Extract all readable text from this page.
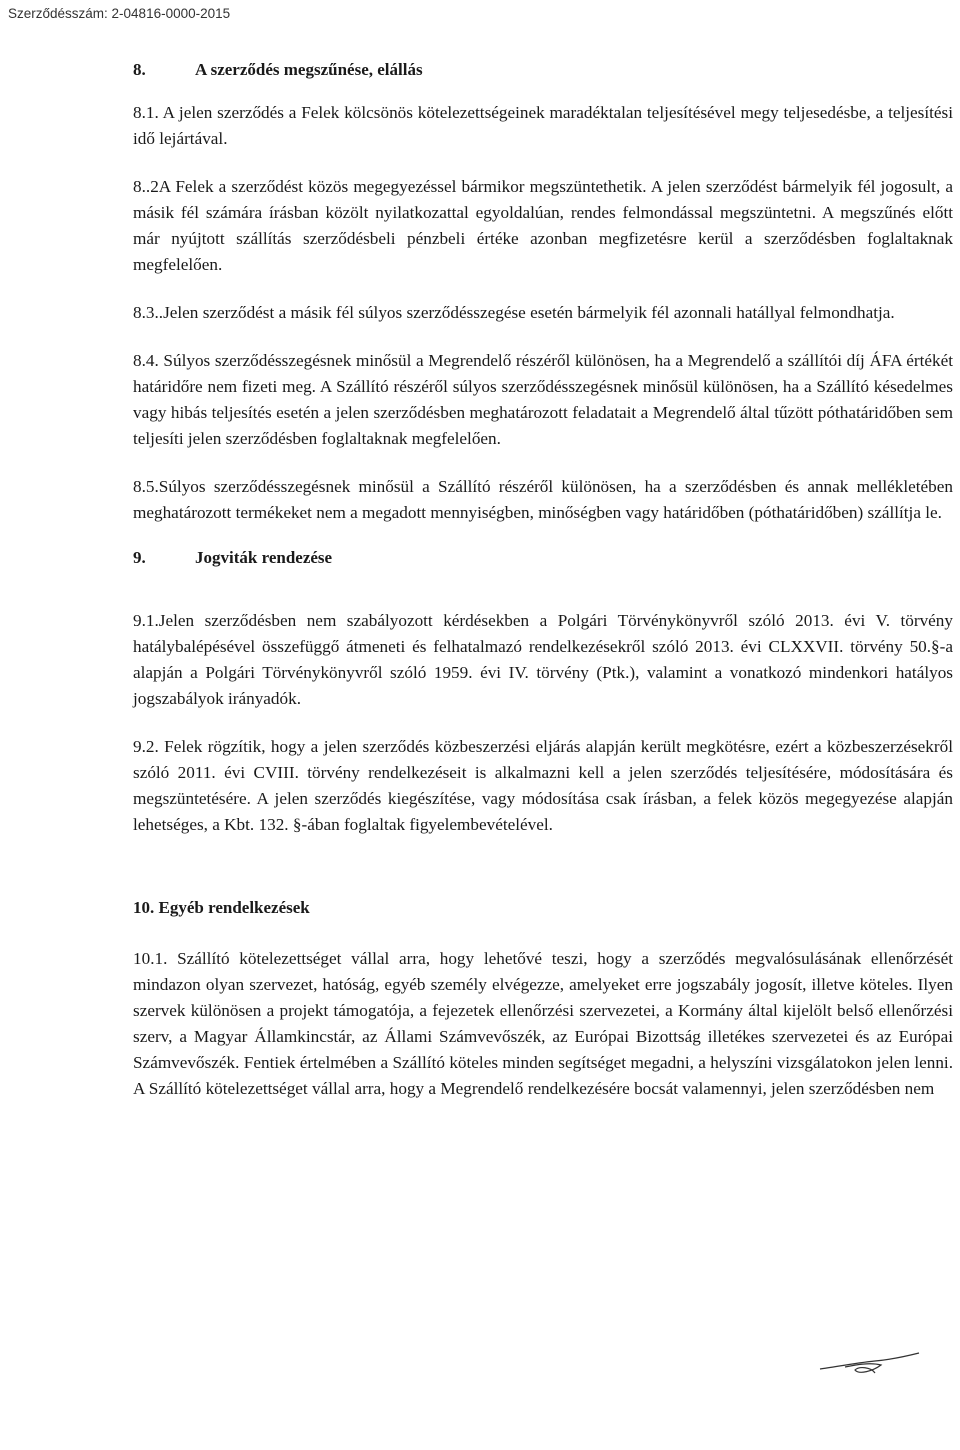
Szerződésszám: 2-04816-0000-2015
8.	A szerződés megszűnése, elállás

8.1. A jelen szerződés a Felek kölcsönös kötelezettségeinek maradéktalan teljesítésével megy teljesedésbe, a teljesítési idő lejártával.

8..2A Felek a szerződést közös megegyezéssel bármikor megszüntethetik. A jelen szerződést bármelyik fél jogosult, a másik fél számára írásban közölt nyilatkozattal egyoldalúan, rendes felmondással megszüntetni. A megszűnés előtt már nyújtott szállítás szerződésbeli pénzbeli értéke azonban megfizetésre kerül a szerződésben foglaltaknak megfelelően.

8.3..Jelen szerződést a másik fél súlyos szerződésszegése esetén bármelyik fél azonnali hatállyal felmondhatja.

8.4. Súlyos szerződésszegésnek minősül a Megrendelő részéről különösen, ha a Megrendelő a szállítói díj ÁFA értékét határidőre nem fizeti meg. A Szállító részéről súlyos szerződésszegésnek minősül különösen, ha a Szállító késedelmes vagy hibás teljesítés esetén a jelen szerződésben meghatározott feladatait a Megrendelő által tűzött póthatáridőben sem teljesíti jelen szerződésben foglaltaknak megfelelően.

8.5.Súlyos szerződésszegésnek minősül a Szállító részéről különösen, ha a szerződésben és annak mellékletében meghatározott termékeket nem a megadott mennyiségben, minőségben vagy határidőben (póthatáridőben) szállítja le.

9.	Jogviták rendezése

9.1.Jelen szerződésben nem szabályozott kérdésekben a Polgári Törvénykönyvről szóló 2013. évi V. törvény hatálybalépésével összefüggő átmeneti és felhatalmazó rendelkezésekről szóló 2013. évi CLXXVII. törvény 50.§-a alapján a Polgári Törvénykönyvről szóló 1959. évi IV. törvény (Ptk.), valamint a vonatkozó mindenkori hatályos jogszabályok irányadók.

9.2. Felek rögzítik, hogy a jelen szerződés közbeszerzési eljárás alapján került megkötésre, ezért a közbeszerzésekről szóló 2011. évi CVIII. törvény rendelkezéseit is alkalmazni kell a jelen szerződés teljesítésére, módosítására és megszüntetésére. A jelen szerződés kiegészítése, vagy módosítása csak írásban, a felek közös megegyezése alapján lehetséges, a Kbt. 132. §-ában foglaltak figyelembevételével.

10. Egyéb rendelkezések

10.1. Szállító kötelezettséget vállal arra, hogy lehetővé teszi, hogy a szerződés megvalósulásának ellenőrzését mindazon olyan szervezet, hatóság, egyéb személy elvégezze, amelyeket erre jogszabály jogosít, illetve köteles. Ilyen szervek különösen a projekt támogatója, a fejezetek ellenőrzési szervezetei, a Kormány által kijelölt belső ellenőrzési szerv, a Magyar Államkincstár, az Állami Számvevőszék, az Európai Bizottság illetékes szervezetei és az Európai Számvevőszék. Fentiek értelmében a Szállító köteles minden segítséget megadni, a helyszíni vizsgálatokon jelen lenni. A Szállító kötelezettséget vállal arra, hogy a Megrendelő rendelkezésére bocsát valamennyi, jelen szerződésben nem
